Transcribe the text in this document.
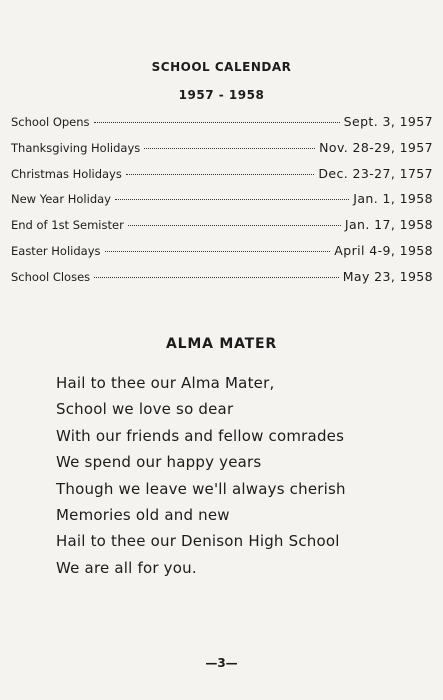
SCHOOL CALENDAR
1957 - 1958
School Opens	Sept. 3, 1957
Thanksgiving Holidays	Nov. 28-29, 1957
Christmas Holidays	Dec. 23-27, 1757
New Year Holiday	Jan. 1, 1958
End of 1st Semister	Jan. 17, 1958
Easter Holidays	April 4-9, 1958
School Closes	May 23, 1958
ALMA MATER
Hail to thee our Alma Mater,
School we love so dear
With our friends and fellow comrades
We spend our happy years
Though we leave we'll always cherish
Memories old and new
Hail to thee our Denison High School
We are all for you.
—3—
